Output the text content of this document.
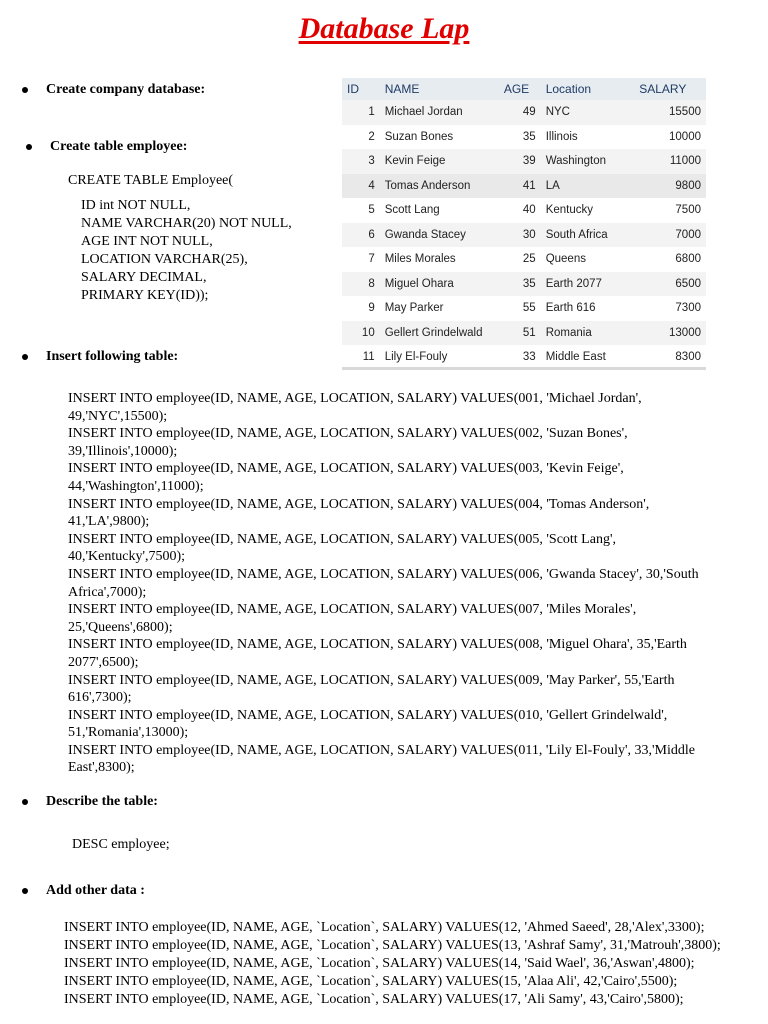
Database Lap
Create company database:
Create table employee:
CREATE TABLE Employee(
ID int NOT NULL,
NAME VARCHAR(20) NOT NULL,
AGE INT NOT NULL,
LOCATION VARCHAR(25),
SALARY DECIMAL,
PRIMARY KEY(ID));
ID	NAME	AGE	Location	SALARY
1	Michael Jordan	49	NYC	15500
2	Suzan Bones	35	Illinois	10000
3	Kevin Feige	39	Washington	11000
4	Tomas Anderson	41	LA	9800
5	Scott Lang	40	Kentucky	7500
6	Gwanda Stacey	30	South Africa	7000
7	Miles Morales	25	Queens	6800
8	Miguel Ohara	35	Earth 2077	6500
9	May Parker	55	Earth 616	7300
10	Gellert Grindelwald	51	Romania	13000
11	Lily El-Fouly	33	Middle East	8300
Insert following table:
INSERT INTO employee(ID, NAME, AGE, LOCATION, SALARY) VALUES(001, 'Michael Jordan',
49,'NYC',15500);
INSERT INTO employee(ID, NAME, AGE, LOCATION, SALARY) VALUES(002, 'Suzan Bones',
39,'Illinois',10000);
INSERT INTO employee(ID, NAME, AGE, LOCATION, SALARY) VALUES(003, 'Kevin Feige',
44,'Washington',11000);
INSERT INTO employee(ID, NAME, AGE, LOCATION, SALARY) VALUES(004, 'Tomas Anderson',
41,'LA',9800);
INSERT INTO employee(ID, NAME, AGE, LOCATION, SALARY) VALUES(005, 'Scott Lang',
40,'Kentucky',7500);
INSERT INTO employee(ID, NAME, AGE, LOCATION, SALARY) VALUES(006, 'Gwanda Stacey', 30,'South
Africa',7000);
INSERT INTO employee(ID, NAME, AGE, LOCATION, SALARY) VALUES(007, 'Miles Morales',
25,'Queens',6800);
INSERT INTO employee(ID, NAME, AGE, LOCATION, SALARY) VALUES(008, 'Miguel Ohara', 35,'Earth
2077',6500);
INSERT INTO employee(ID, NAME, AGE, LOCATION, SALARY) VALUES(009, 'May Parker', 55,'Earth
616',7300);
INSERT INTO employee(ID, NAME, AGE, LOCATION, SALARY) VALUES(010, 'Gellert Grindelwald',
51,'Romania',13000);
INSERT INTO employee(ID, NAME, AGE, LOCATION, SALARY) VALUES(011, 'Lily El-Fouly', 33,'Middle
East',8300);
Describe the table:
DESC employee;
Add other data :
INSERT INTO employee(ID, NAME, AGE, `Location`, SALARY) VALUES(12, 'Ahmed Saeed', 28,'Alex',3300);
INSERT INTO employee(ID, NAME, AGE, `Location`, SALARY) VALUES(13, 'Ashraf Samy', 31,'Matrouh',3800);
INSERT INTO employee(ID, NAME, AGE, `Location`, SALARY) VALUES(14, 'Said Wael', 36,'Aswan',4800);
INSERT INTO employee(ID, NAME, AGE, `Location`, SALARY) VALUES(15, 'Alaa Ali', 42,'Cairo',5500);
INSERT INTO employee(ID, NAME, AGE, `Location`, SALARY) VALUES(17, 'Ali Samy', 43,'Cairo',5800);
